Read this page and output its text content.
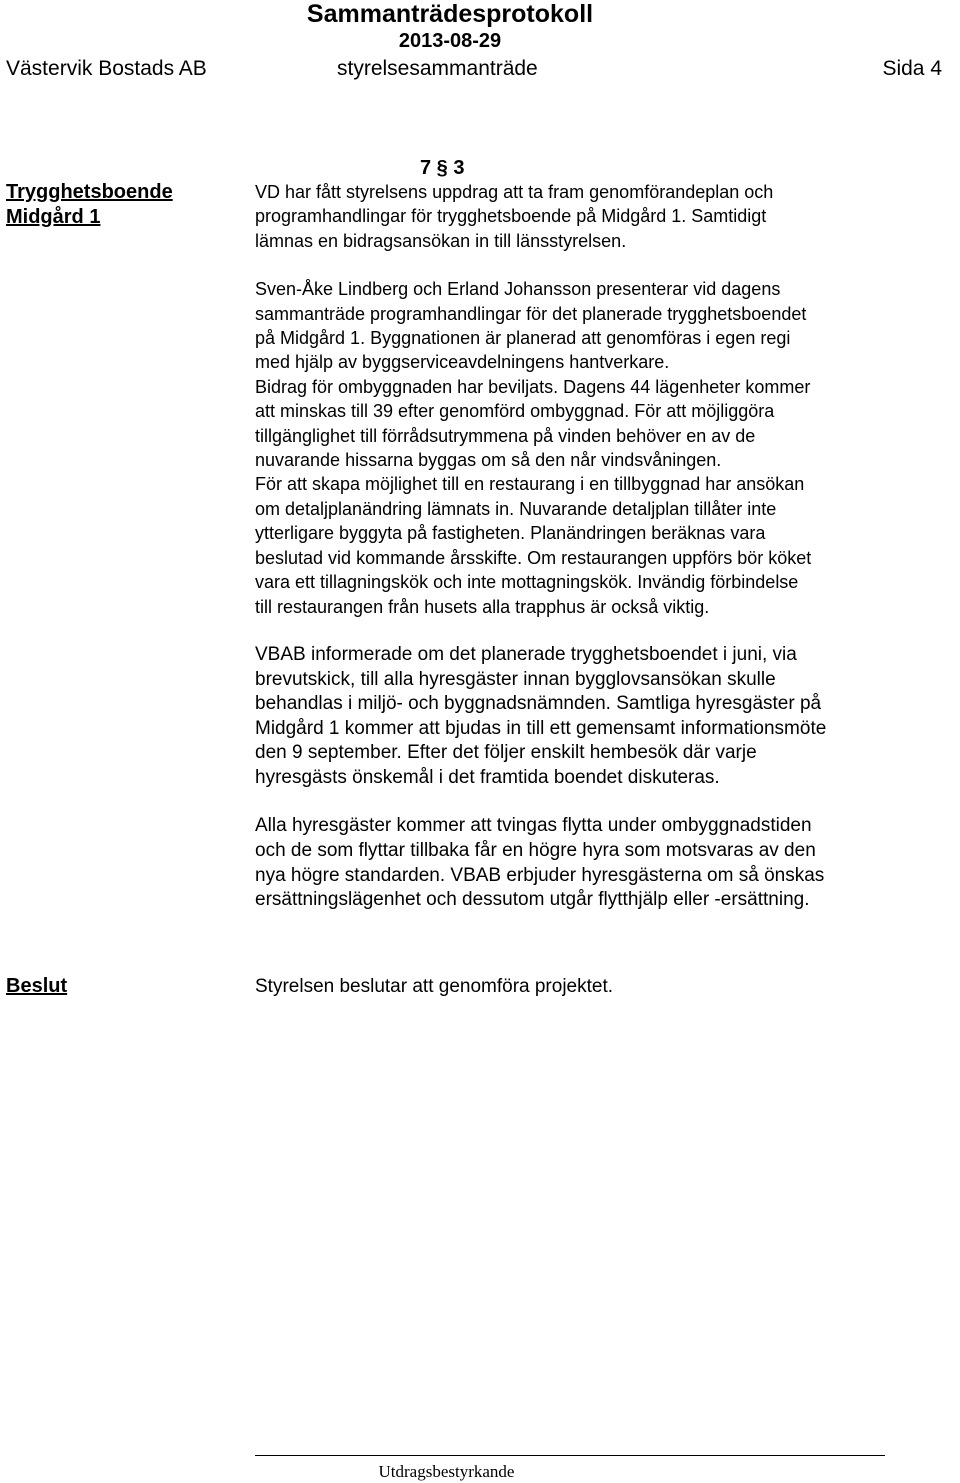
Sammanträdesprotokoll
2013-08-29
Västervik Bostads AB	styrelsesammanträde	Sida 4
7 § 3
Trygghetsboende
Midgård 1

VD har fått styrelsens uppdrag att ta fram genomförandeplan och
programhandlingar för trygghetsboende på Midgård 1. Samtidigt
lämnas en bidragsansökan in till länsstyrelsen.

Sven-Åke Lindberg och Erland Johansson presenterar vid dagens
sammanträde programhandlingar för det planerade trygghetsboendet
på Midgård 1. Byggnationen är planerad att genomföras i egen regi
med hjälp av byggserviceavdelningens hantverkare.
Bidrag för ombyggnaden har beviljats. Dagens 44 lägenheter kommer
att minskas till 39 efter genomförd ombyggnad. För att möjliggöra
tillgänglighet till förrådsutrymmena på vinden behöver en av de
nuvarande hissarna byggas om så den når vindsvåningen.
För att skapa möjlighet till en restaurang i en tillbyggnad har ansökan
om detaljplanändring lämnats in. Nuvarande detaljplan tillåter inte
ytterligare byggyta på fastigheten. Planändringen beräknas vara
beslutad vid kommande årsskifte. Om restaurangen uppförs bör köket
vara ett tillagningskök och inte mottagningskök. Invändig förbindelse
till restaurangen från husets alla trapphus är också viktig.

VBAB informerade om det planerade trygghetsboendet i juni, via
brevutskick, till alla hyresgäster innan bygglovsansökan skulle
behandlas i miljö- och byggnadsnämnden. Samtliga hyresgäster på
Midgård 1 kommer att bjudas in till ett gemensamt informationsmöte
den 9 september. Efter det följer enskilt hembesök där varje
hyresgästs önskemål i det framtida boendet diskuteras.

Alla hyresgäster kommer att tvingas flytta under ombyggnadstiden
och de som flyttar tillbaka får en högre hyra som motsvaras av den
nya högre standarden. VBAB erbjuder hyresgästerna om så önskas
ersättningslägenhet och dessutom utgår flytthjälp eller -ersättning.

Beslut	Styrelsen beslutar att genomföra projektet.
Utdragsbestyrkande
